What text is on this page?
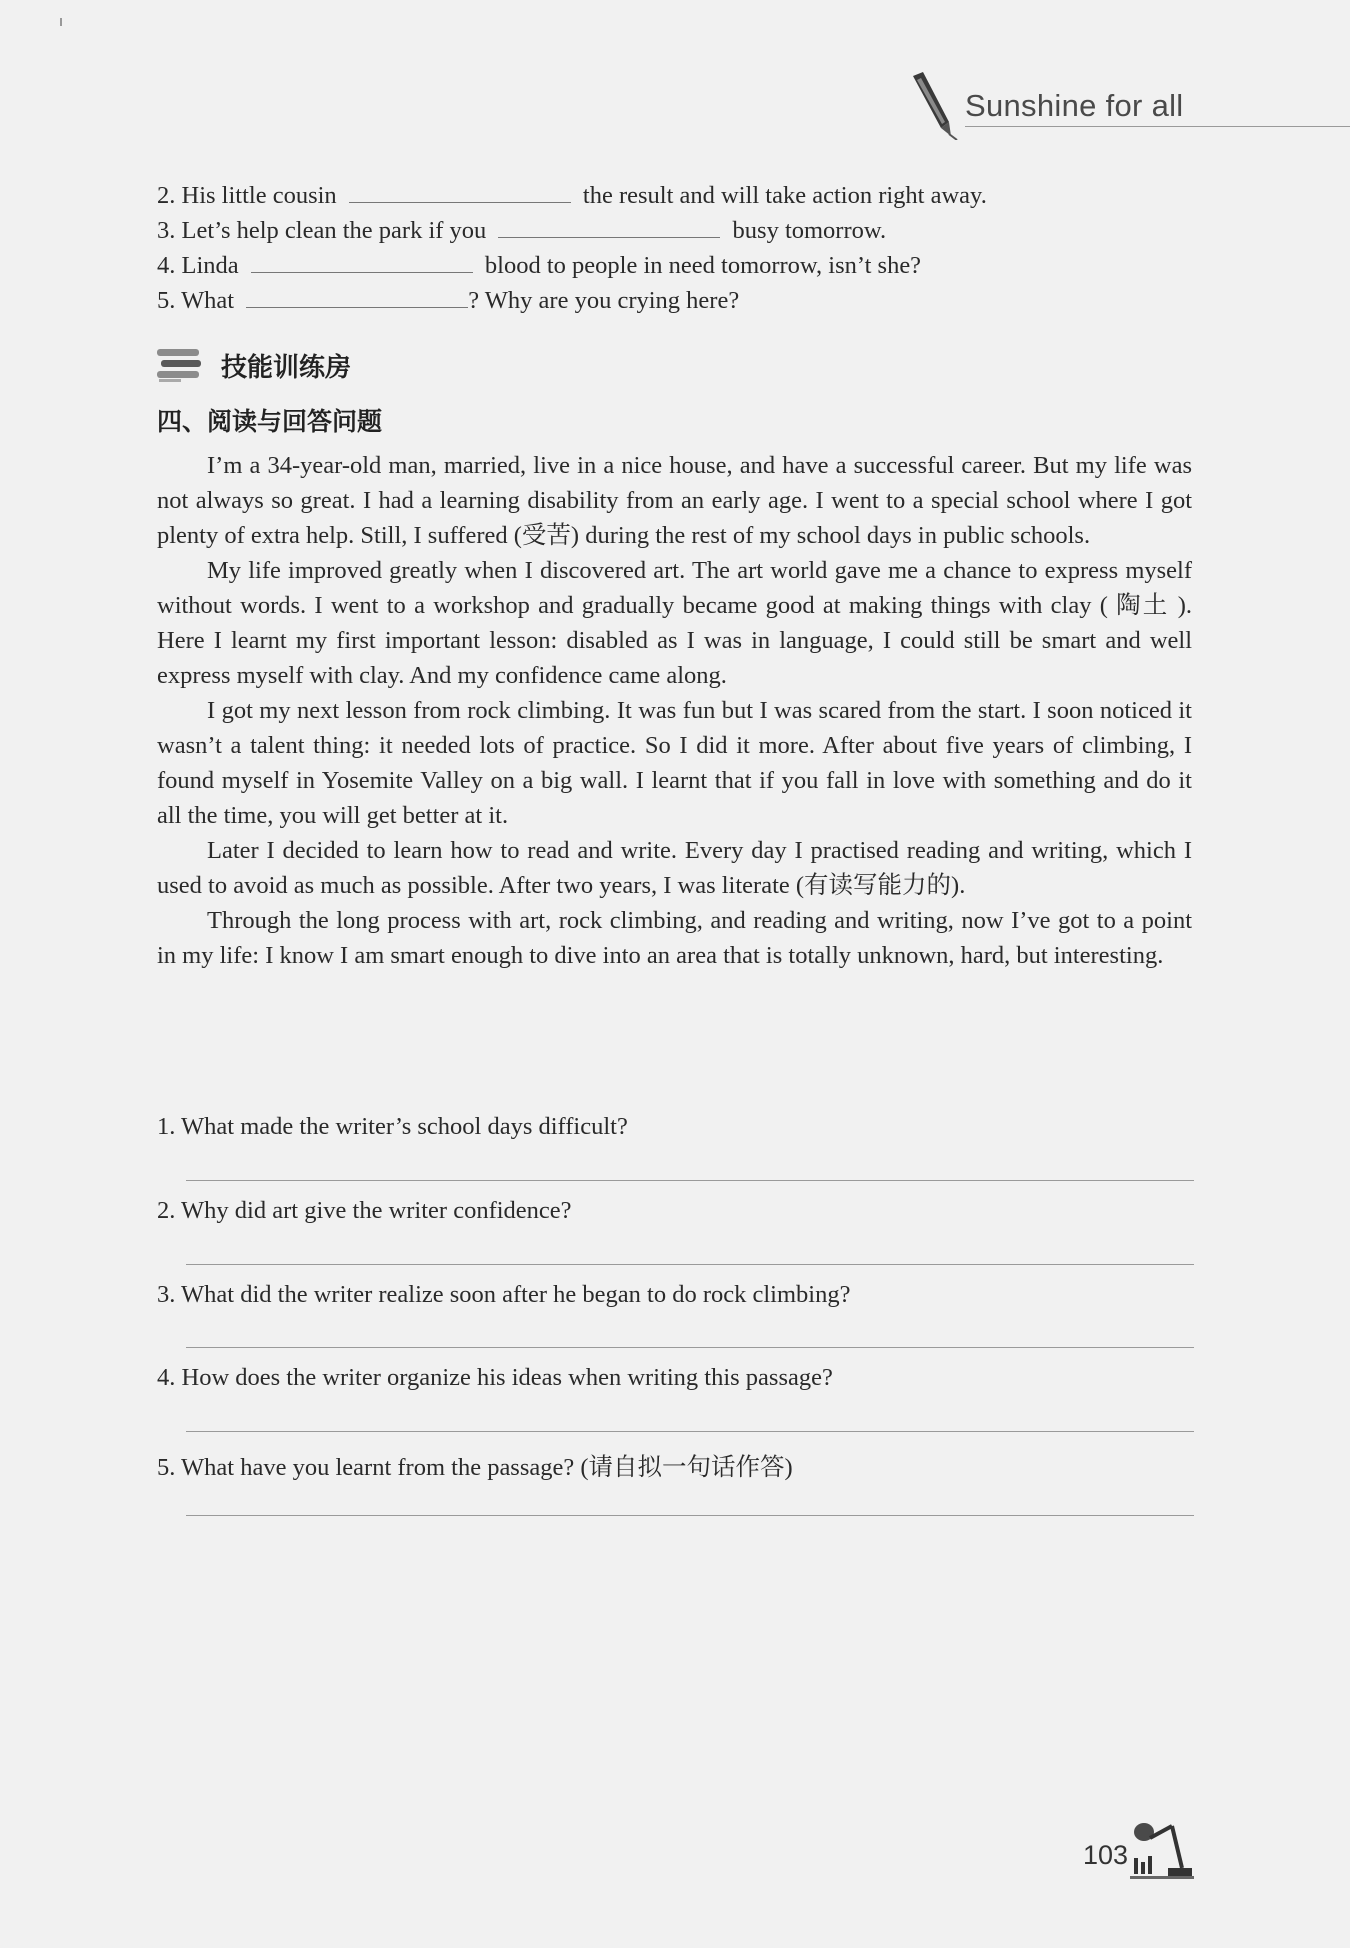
Sunshine for all
2. His little cousin	the result and will take action right away.
3. Let’s help clean the park if you	busy tomorrow.
4. Linda	blood to people in need tomorrow, isn’t she?
5. What	? Why are you crying here?
技能训练房
四、阅读与回答问题

I’m a 34-year-old man, married, live in a nice house, and have a successful career. But my life was not always so great. I had a learning disability from an early age. I went to a special school where I got plenty of extra help. Still, I suffered (受苦) during the rest of my school days in public schools.

My life improved greatly when I discovered art. The art world gave me a chance to express myself without words. I went to a workshop and gradually became good at making things with clay ( 陶土 ). Here I learnt my first important lesson: disabled as I was in language, I could still be smart and well express myself with clay. And my confidence came along.

I got my next lesson from rock climbing. It was fun but I was scared from the start. I soon noticed it wasn’t a talent thing: it needed lots of practice. So I did it more. After about five years of climbing, I found myself in Yosemite Valley on a big wall. I learnt that if you fall in love with something and do it all the time, you will get better at it.

Later I decided to learn how to read and write. Every day I practised reading and writing, which I used to avoid as much as possible. After two years, I was literate (有读写能力的).

Through the long process with art, rock climbing, and reading and writing, now I’ve got to a point in my life: I know I am smart enough to dive into an area that is totally unknown, hard, but interesting.

1. What made the writer’s school days difficult?
2. Why did art give the writer confidence?
3. What did the writer realize soon after he began to do rock climbing?
4. How does the writer organize his ideas when writing this passage?
5. What have you learnt from the passage? (请自拟一句话作答)
103
